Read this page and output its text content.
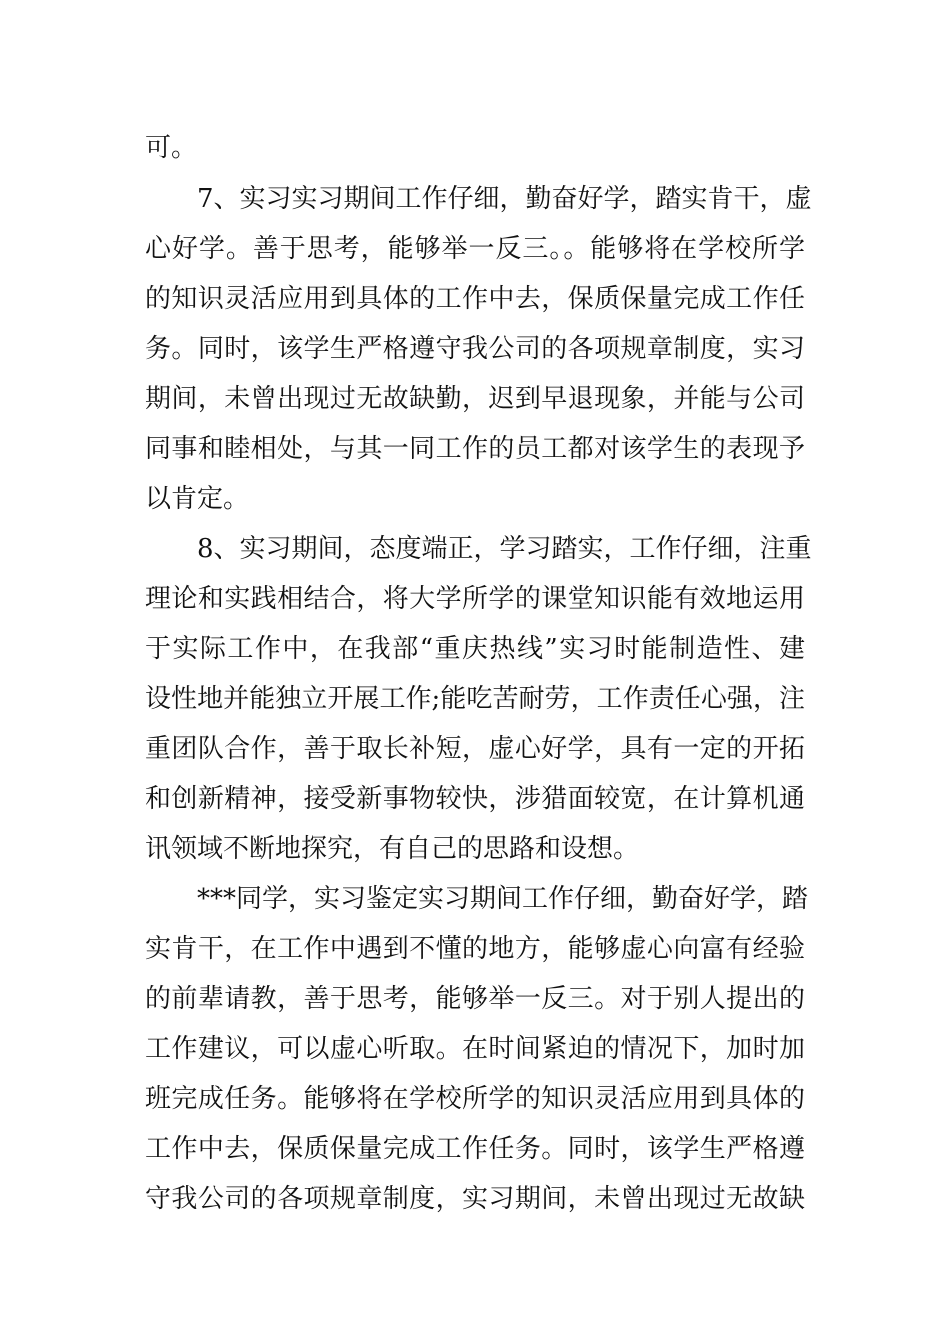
可。
7、实习实习期间工作仔细，勤奋好学，踏实肯干，虚
心好学。善于思考，能够举一反三。。能够将在学校所学
的知识灵活应用到具体的工作中去，保质保量完成工作任
务。同时，该学生严格遵守我公司的各项规章制度，实习
期间，未曾出现过无故缺勤，迟到早退现象，并能与公司
同事和睦相处，与其一同工作的员工都对该学生的表现予
以肯定。
8、实习期间，态度端正，学习踏实，工作仔细，注重
理论和实践相结合，将大学所学的课堂知识能有效地运用
于实际工作中，在我部“重庆热线”实习时能制造性、建
设性地并能独立开展工作;能吃苦耐劳，工作责任心强，注
重团队合作，善于取长补短，虚心好学，具有一定的开拓
和创新精神，接受新事物较快，涉猎面较宽，在计算机通
讯领域不断地探究，有自己的思路和设想。
***同学，实习鉴定实习期间工作仔细，勤奋好学，踏
实肯干，在工作中遇到不懂的地方，能够虚心向富有经验
的前辈请教，善于思考，能够举一反三。对于别人提出的
工作建议，可以虚心听取。在时间紧迫的情况下，加时加
班完成任务。能够将在学校所学的知识灵活应用到具体的
工作中去，保质保量完成工作任务。同时，该学生严格遵
守我公司的各项规章制度，实习期间，未曾出现过无故缺
